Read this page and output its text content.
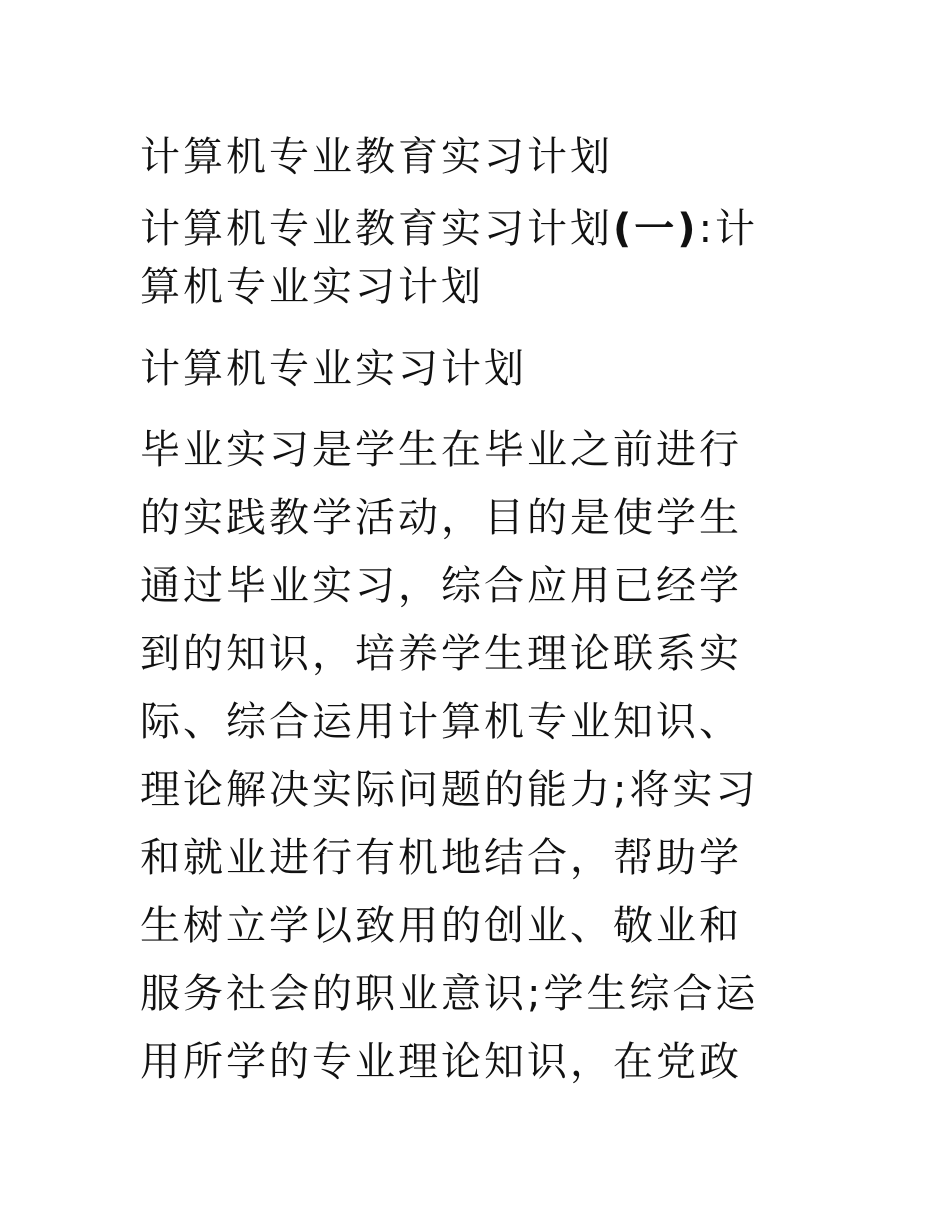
计算机专业教育实习计划
计算机专业教育实习计划(一):计
算机专业实习计划
计算机专业实习计划
毕业实习是学生在毕业之前进行
的实践教学活动，目的是使学生
通过毕业实习，综合应用已经学
到的知识，培养学生理论联系实
际、综合运用计算机专业知识、
理论解决实际问题的能力;将实习
和就业进行有机地结合，帮助学
生树立学以致用的创业、敬业和
服务社会的职业意识;学生综合运
用所学的专业理论知识，在党政
